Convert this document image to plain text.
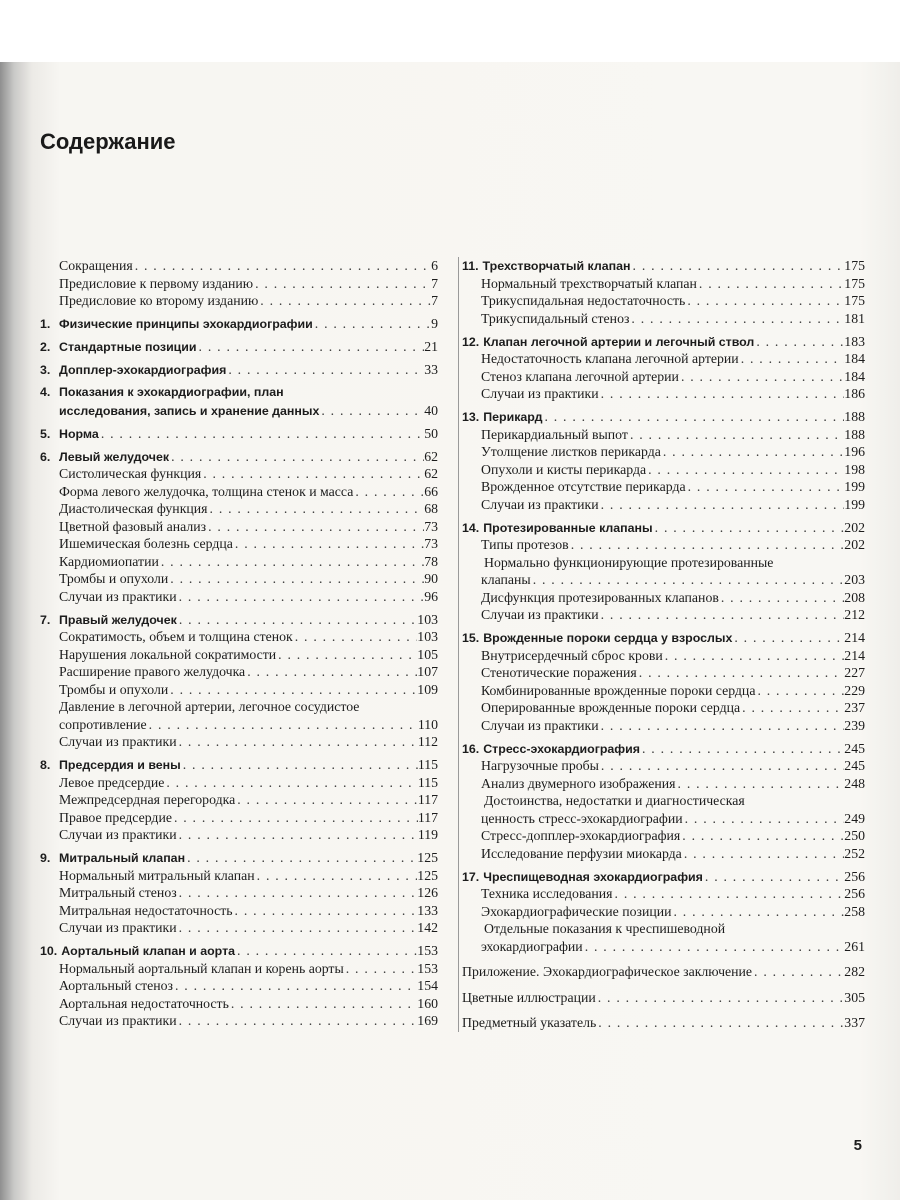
Содержание
Сокращения . . .	6
Предисловие к первому изданию . . .	7
Предисловие ко второму изданию . . .	7
1. Физические принципы эхокардиографии . . .	9
2. Стандартные позиции . . .	21
3. Допплер-эхокардиография . . .	33
4. Показания к эхокардиографии, план
исследования, запись и хранение данных . . .	40
5. Норма . . .	50
6. Левый желудочек . . .	62
Систолическая функция . . .	62
Форма левого желудочка, толщина стенок и масса . . .	66
Диастолическая функция . . .	68
Цветной фазовый анализ . . .	73
Ишемическая болезнь сердца . . .	73
Кардиомиопатии . . .	78
Тромбы и опухоли . . .	90
Случаи из практики . . .	96
7. Правый желудочек . . .	103
Сократимость, объем и толщина стенок . . .	103
Нарушения локальной сократимости . . .	105
Расширение правого желудочка . . .	107
Тромбы и опухоли . . .	109
Давление в легочной артерии, легочное сосудистое
сопротивление . . .	110
Случаи из практики . . .	112
8. Предсердия и вены . . .	115
Левое предсердие . . .	115
Межпредсердная перегородка . . .	117
Правое предсердие . . .	117
Случаи из практики . . .	119
9. Митральный клапан . . .	125
Нормальный митральный клапан . . .	125
Митральный стеноз . . .	126
Митральная недостаточность . . .	133
Случаи из практики . . .	142
10. Аортальный клапан и аорта . . .	153
Нормальный аортальный клапан и корень аорты . . .	153
Аортальный стеноз . . .	154
Аортальная недостаточность . . .	160
Случаи из практики . . .	169
11. Трехстворчатый клапан . . .	175
Нормальный трехстворчатый клапан . . .	175
Трикуспидальная недостаточность . . .	175
Трикуспидальный стеноз . . .	181
12. Клапан легочной артерии и легочный ствол . . .	183
Недостаточность клапана легочной артерии . . .	184
Стеноз клапана легочной артерии . . .	184
Случаи из практики . . .	186
13. Перикард . . .	188
Перикардиальный выпот . . .	188
Утолщение листков перикарда . . .	196
Опухоли и кисты перикарда . . .	198
Врожденное отсутствие перикарда . . .	199
Случаи из практики . . .	199
14. Протезированные клапаны . . .	202
Типы протезов . . .	202
Нормально функционирующие протезированные
клапаны . . .	203
Дисфункция протезированных клапанов . . .	208
Случаи из практики . . .	212
15. Врожденные пороки сердца у взрослых . . .	214
Внутрисердечный сброс крови . . .	214
Стенотические поражения . . .	227
Комбинированные врожденные пороки сердца . . .	229
Оперированные врожденные пороки сердца . . .	237
Случаи из практики . . .	239
16. Стресс-эхокардиография . . .	245
Нагрузочные пробы . . .	245
Анализ двумерного изображения . . .	248
Достоинства, недостатки и диагностическая
ценность стресс-эхокардиографии . . .	249
Стресс-допплер-эхокардиография . . .	250
Исследование перфузии миокарда . . .	252
17. Чреспищеводная эхокардиография . . .	256
Техника исследования . . .	256
Эхокардиографические позиции . . .	258
Отдельные показания к чреспишеводной
эхокардиографии . . .	261
Приложение. Эхокардиографическое заключение . . .	282
Цветные иллюстрации . . .	305
Предметный указатель . . .	337

5
